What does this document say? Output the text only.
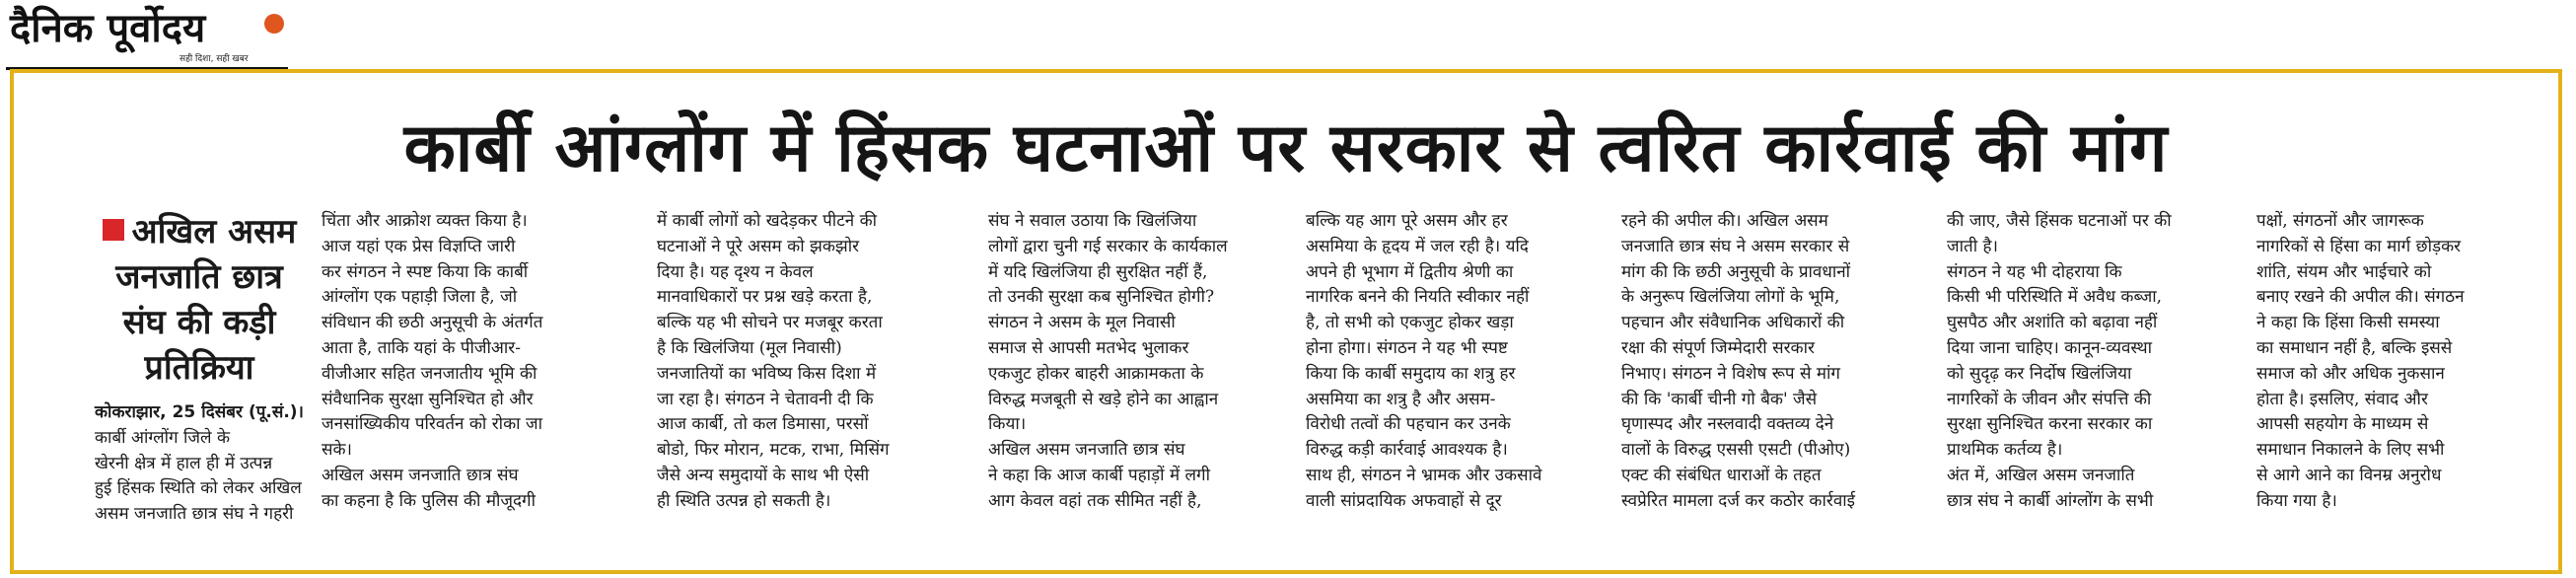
दैनिक पूर्वोदय
सही दिशा, सही खबर
कार्बी आंग्लोंग में हिंसक घटनाओं पर सरकार से त्वरित कार्रवाई की मांग
अखिल असम जनजाति छात्र संघ की कड़ी प्रतिक्रिया
कोकराझार, 25 दिसंबर (पू.सं.)। कार्बी आंग्लोंग जिले के
खेरनी क्षेत्र में हाल ही में उत्पन्न
हुई हिंसक स्थिति को लेकर अखिल
असम जनजाति छात्र संघ ने गहरी
चिंता और आक्रोश व्यक्त किया है।
आज यहां एक प्रेस विज्ञप्ति जारी
कर संगठन ने स्पष्ट किया कि कार्बी
आंग्लोंग एक पहाड़ी जिला है, जो
संविधान की छठी अनुसूची के अंतर्गत
आता है, ताकि यहां के पीजीआर-
वीजीआर सहित जनजातीय भूमि की
संवैधानिक सुरक्षा सुनिश्चित हो और
जनसांख्यिकीय परिवर्तन को रोका जा
सके।
अखिल असम जनजाति छात्र संघ
का कहना है कि पुलिस की मौजूदगी
में कार्बी लोगों को खदेड़कर पीटने की
घटनाओं ने पूरे असम को झकझोर
दिया है। यह दृश्य न केवल
मानवाधिकारों पर प्रश्न खड़े करता है,
बल्कि यह भी सोचने पर मजबूर करता
है कि खिलंजिया (मूल निवासी)
जनजातियों का भविष्य किस दिशा में
जा रहा है। संगठन ने चेतावनी दी कि
आज कार्बी, तो कल डिमासा, परसों
बोडो, फिर मोरान, मटक, राभा, मिसिंग
जैसे अन्य समुदायों के साथ भी ऐसी
ही स्थिति उत्पन्न हो सकती है।
संघ ने सवाल उठाया कि खिलंजिया
लोगों द्वारा चुनी गई सरकार के कार्यकाल
में यदि खिलंजिया ही सुरक्षित नहीं हैं,
तो उनकी सुरक्षा कब सुनिश्चित होगी?
संगठन ने असम के मूल निवासी
समाज से आपसी मतभेद भुलाकर
एकजुट होकर बाहरी आक्रामकता के
विरुद्ध मजबूती से खड़े होने का आह्वान
किया।
अखिल असम जनजाति छात्र संघ
ने कहा कि आज कार्बी पहाड़ों में लगी
आग केवल वहां तक सीमित नहीं है,
बल्कि यह आग पूरे असम और हर
असमिया के हृदय में जल रही है। यदि
अपने ही भूभाग में द्वितीय श्रेणी का
नागरिक बनने की नियति स्वीकार नहीं
है, तो सभी को एकजुट होकर खड़ा
होना होगा। संगठन ने यह भी स्पष्ट
किया कि कार्बी समुदाय का शत्रु हर
असमिया का शत्रु है और असम-
विरोधी तत्वों की पहचान कर उनके
विरुद्ध कड़ी कार्रवाई आवश्यक है।
साथ ही, संगठन ने भ्रामक और उकसावे
वाली सांप्रदायिक अफवाहों से दूर
रहने की अपील की। अखिल असम
जनजाति छात्र संघ ने असम सरकार से
मांग की कि छठी अनुसूची के प्रावधानों
के अनुरूप खिलंजिया लोगों के भूमि,
पहचान और संवैधानिक अधिकारों की
रक्षा की संपूर्ण जिम्मेदारी सरकार
निभाए। संगठन ने विशेष रूप से मांग
की कि 'कार्बी चीनी गो बैक' जैसे
घृणास्पद और नस्लवादी वक्तव्य देने
वालों के विरुद्ध एससी एसटी (पीओए)
एक्ट की संबंधित धाराओं के तहत
स्वप्रेरित मामला दर्ज कर कठोर कार्रवाई
की जाए, जैसे हिंसक घटनाओं पर की
जाती है।
संगठन ने यह भी दोहराया कि
किसी भी परिस्थिति में अवैध कब्जा,
घुसपैठ और अशांति को बढ़ावा नहीं
दिया जाना चाहिए। कानून-व्यवस्था
को सुदृढ़ कर निर्दोष खिलंजिया
नागरिकों के जीवन और संपत्ति की
सुरक्षा सुनिश्चित करना सरकार का
प्राथमिक कर्तव्य है।
अंत में, अखिल असम जनजाति
छात्र संघ ने कार्बी आंग्लोंग के सभी
पक्षों, संगठनों और जागरूक
नागरिकों से हिंसा का मार्ग छोड़कर
शांति, संयम और भाईचारे को
बनाए रखने की अपील की। संगठन
ने कहा कि हिंसा किसी समस्या
का समाधान नहीं है, बल्कि इससे
समाज को और अधिक नुकसान
होता है। इसलिए, संवाद और
आपसी सहयोग के माध्यम से
समाधान निकालने के लिए सभी
से आगे आने का विनम्र अनुरोध
किया गया है।
